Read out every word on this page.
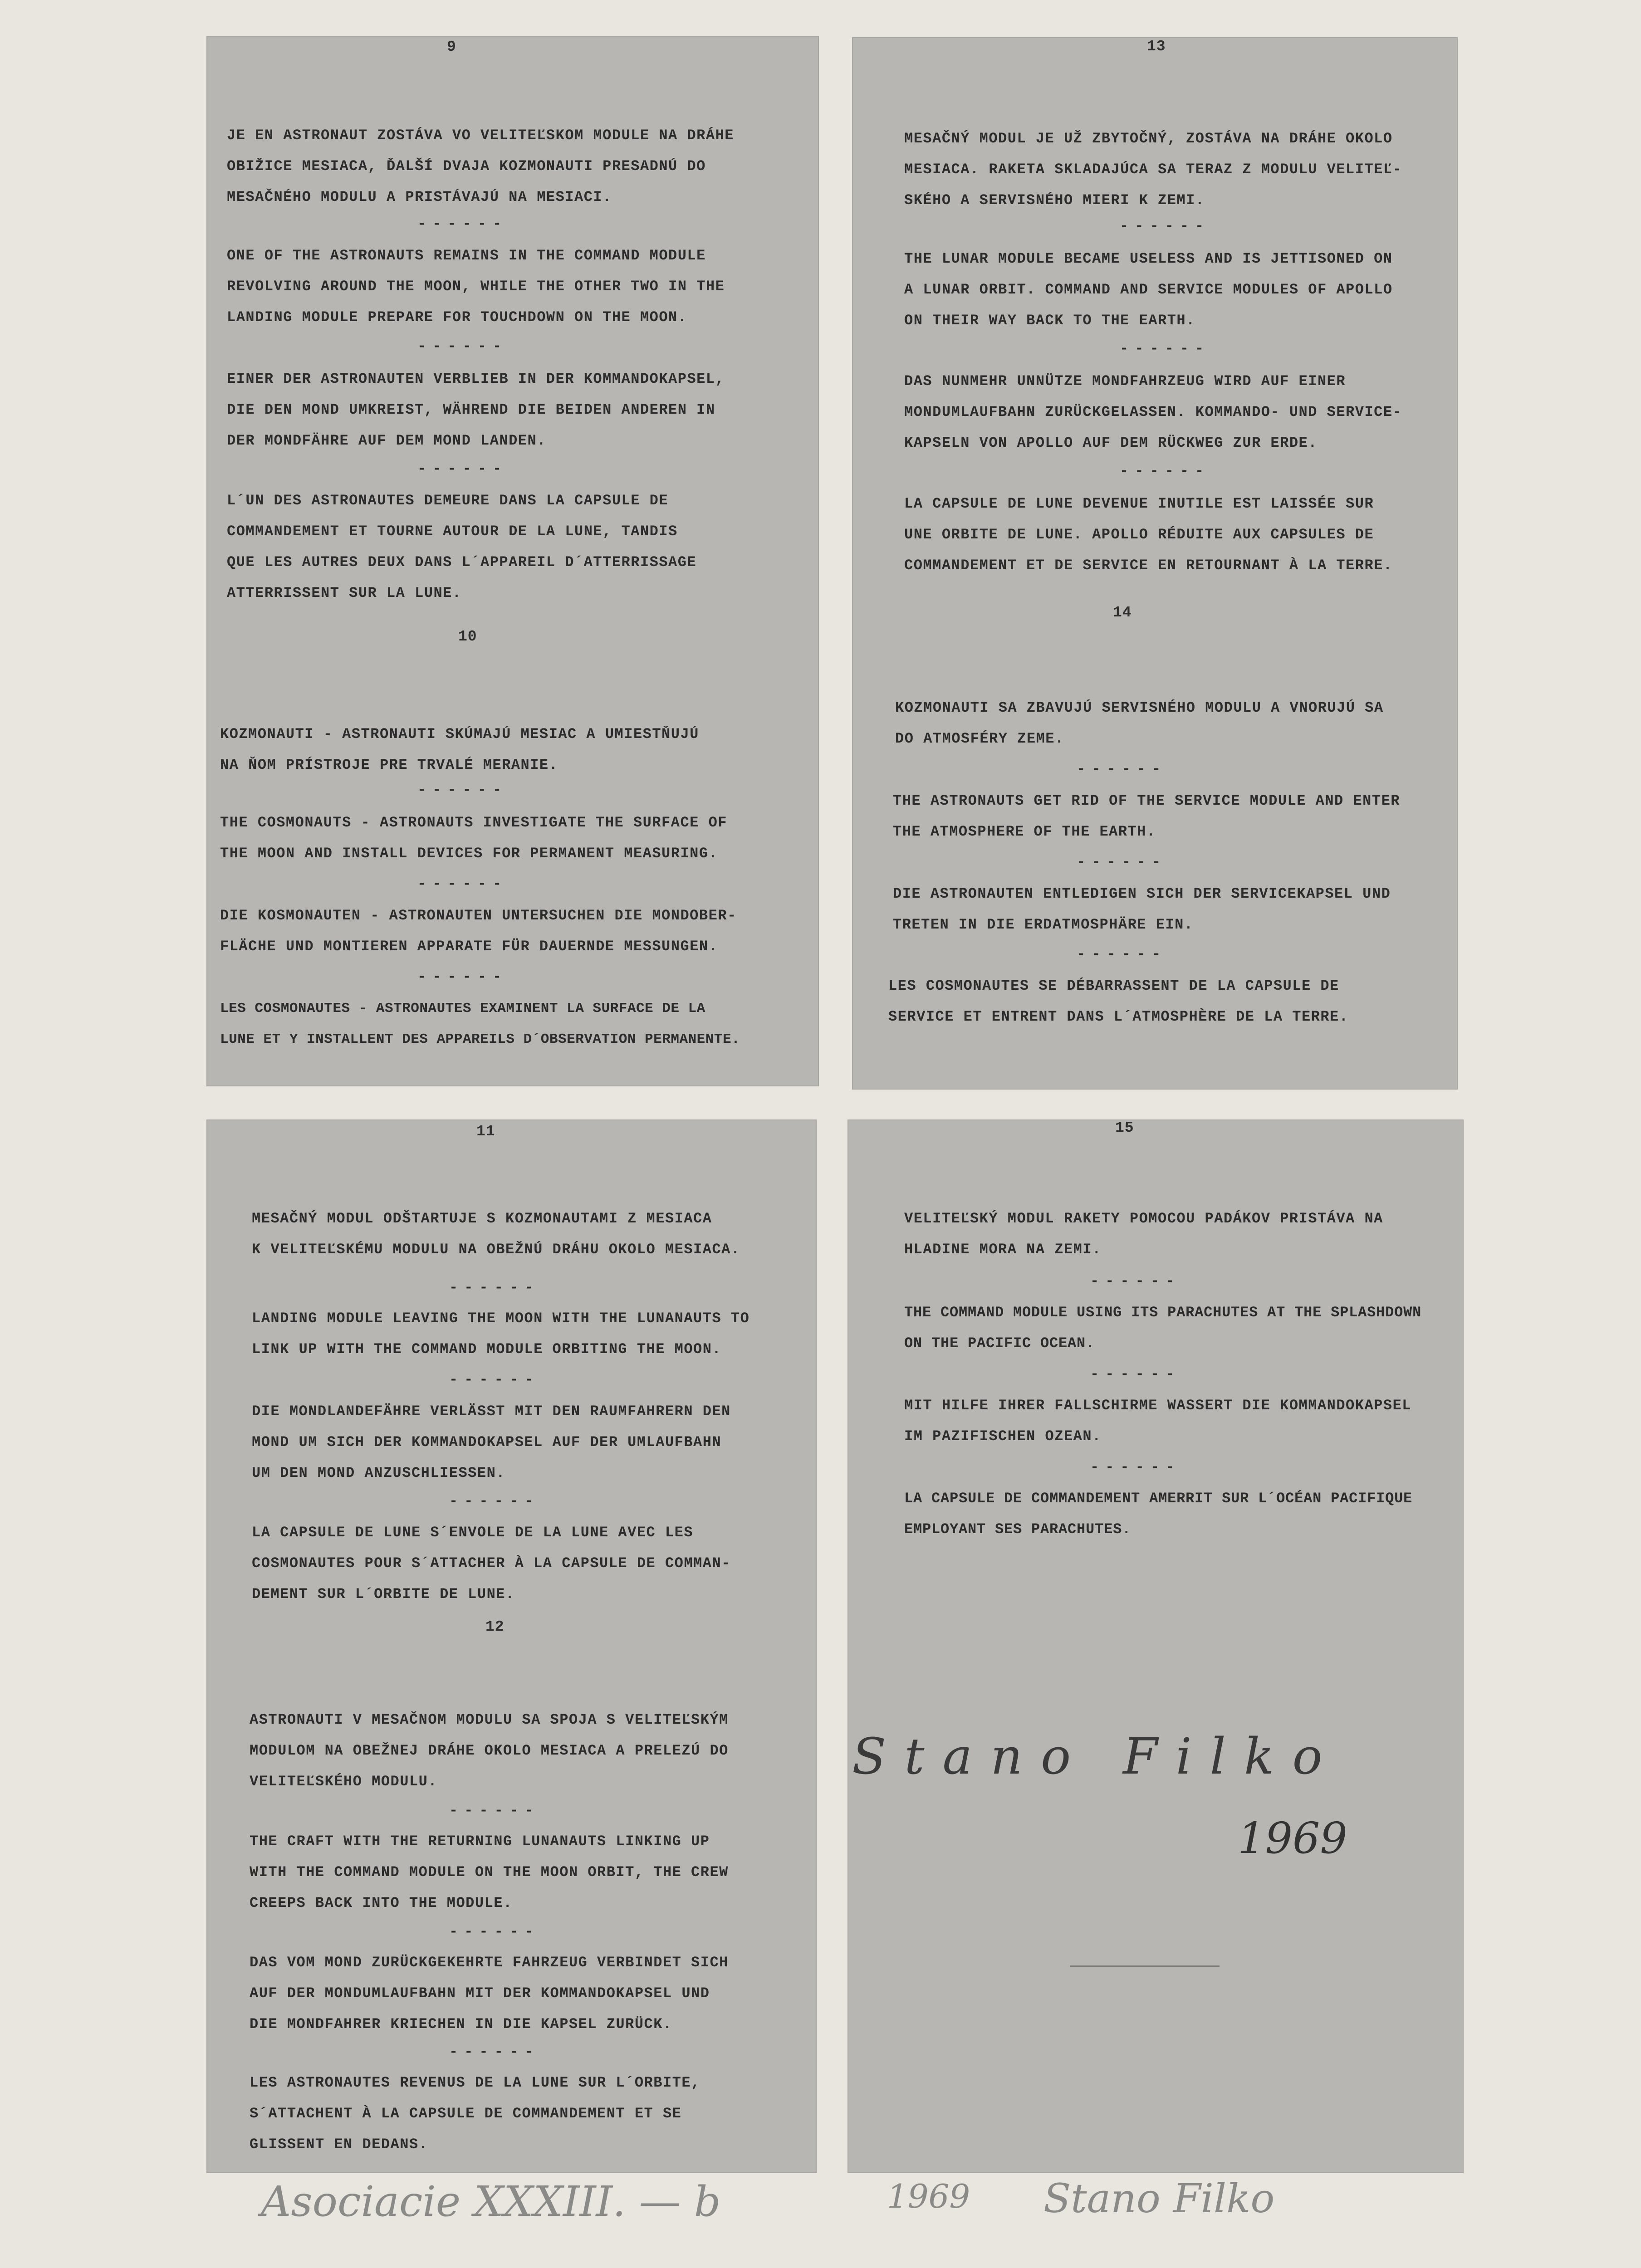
9
JE EN ASTRONAUT ZOSTÁVA VO VELITEĽSKOM MODULE NA DRÁHE
OBIŽICE MESIACA, ĎALŠÍ DVAJA KOZMONAUTI PRESADNÚ DO
MESAČNÉHO MODULU A PRISTÁVAJÚ NA MESIACI.
------
ONE OF THE ASTRONAUTS REMAINS IN THE COMMAND MODULE
REVOLVING AROUND THE MOON, WHILE THE OTHER TWO IN THE
LANDING MODULE PREPARE FOR TOUCHDOWN ON THE MOON.
------
EINER DER ASTRONAUTEN VERBLIEB IN DER KOMMANDOKAPSEL,
DIE DEN MOND UMKREIST, WÄHREND DIE BEIDEN ANDEREN IN
DER MONDFÄHRE AUF DEM MOND LANDEN.
------
L´UN DES ASTRONAUTES DEMEURE DANS LA CAPSULE DE
COMMANDEMENT ET TOURNE AUTOUR DE LA LUNE, TANDIS
QUE LES AUTRES DEUX DANS L´APPAREIL D´ATTERRISSAGE
ATTERRISSENT SUR LA LUNE.
10
KOZMONAUTI - ASTRONAUTI SKÚMAJÚ MESIAC A UMIESTŇUJÚ
NA ŇOM PRÍSTROJE PRE TRVALÉ MERANIE.
------
THE COSMONAUTS - ASTRONAUTS INVESTIGATE THE SURFACE OF
THE MOON AND INSTALL DEVICES FOR PERMANENT MEASURING.
------
DIE KOSMONAUTEN - ASTRONAUTEN UNTERSUCHEN DIE MONDOBER-
FLÄCHE UND MONTIEREN APPARATE FÜR DAUERNDE MESSUNGEN.
------
LES COSMONAUTES - ASTRONAUTES EXAMINENT LA SURFACE DE LA
LUNE ET Y INSTALLENT DES APPAREILS D´OBSERVATION PERMANENTE.
13
MESAČNÝ MODUL JE UŽ ZBYTOČNÝ, ZOSTÁVA NA DRÁHE OKOLO
MESIACA. RAKETA SKLADAJÚCA SA TERAZ Z MODULU VELITEĽ-
SKÉHO A SERVISNÉHO MIERI K ZEMI.
------
THE LUNAR MODULE BECAME USELESS AND IS JETTISONED ON
A LUNAR ORBIT. COMMAND AND SERVICE MODULES OF APOLLO
ON THEIR WAY BACK TO THE EARTH.
------
DAS NUNMEHR UNNÜTZE MONDFAHRZEUG WIRD AUF EINER
MONDUMLAUFBAHN ZURÜCKGELASSEN. KOMMANDO- UND SERVICE-
KAPSELN VON APOLLO AUF DEM RÜCKWEG ZUR ERDE.
------
LA CAPSULE DE LUNE DEVENUE INUTILE EST LAISSÉE SUR
UNE ORBITE DE LUNE. APOLLO RÉDUITE AUX CAPSULES DE
COMMANDEMENT ET DE SERVICE EN RETOURNANT À LA TERRE.
14
KOZMONAUTI SA ZBAVUJÚ SERVISNÉHO MODULU A VNORUJÚ SA
DO ATMOSFÉRY ZEME.
------
THE ASTRONAUTS GET RID OF THE SERVICE MODULE AND ENTER
THE ATMOSPHERE OF THE EARTH.
------
DIE ASTRONAUTEN ENTLEDIGEN SICH DER SERVICEKAPSEL UND
TRETEN IN DIE ERDATMOSPHÄRE EIN.
------
LES COSMONAUTES SE DÉBARRASSENT DE LA CAPSULE DE
SERVICE ET ENTRENT DANS L´ATMOSPHÈRE DE LA TERRE.
11
MESAČNÝ MODUL ODŠTARTUJE S KOZMONAUTAMI Z MESIACA
K VELITEĽSKÉMU MODULU NA OBEŽNÚ DRÁHU OKOLO MESIACA.
------
LANDING MODULE LEAVING THE MOON WITH THE LUNANAUTS TO
LINK UP WITH THE COMMAND MODULE ORBITING THE MOON.
------
DIE MONDLANDEFÄHRE VERLÄSST MIT DEN RAUMFAHRERN DEN
MOND UM SICH DER KOMMANDOKAPSEL AUF DER UMLAUFBAHN
UM DEN MOND ANZUSCHLIESSEN.
------
LA CAPSULE DE LUNE S´ENVOLE DE LA LUNE AVEC LES
COSMONAUTES POUR S´ATTACHER À LA CAPSULE DE COMMAN-
DEMENT SUR L´ORBITE DE LUNE.
12
ASTRONAUTI V MESAČNOM MODULU SA SPOJA S VELITEĽSKÝM
MODULOM NA OBEŽNEJ DRÁHE OKOLO MESIACA A PRELEZÚ DO
VELITEĽSKÉHO MODULU.
------
THE CRAFT WITH THE RETURNING LUNANAUTS LINKING UP
WITH THE COMMAND MODULE ON THE MOON ORBIT, THE CREW
CREEPS BACK INTO THE MODULE.
------
DAS VOM MOND ZURÜCKGEKEHRTE FAHRZEUG VERBINDET SICH
AUF DER MONDUMLAUFBAHN MIT DER KOMMANDOKAPSEL UND
DIE MONDFAHRER KRIECHEN IN DIE KAPSEL ZURÜCK.
------
LES ASTRONAUTES REVENUS DE LA LUNE SUR L´ORBITE,
S´ATTACHENT À LA CAPSULE DE COMMANDEMENT ET SE
GLISSENT EN DEDANS.
15
VELITEĽSKÝ MODUL RAKETY POMOCOU PADÁKOV PRISTÁVA NA
HLADINE MORA NA ZEMI.
------
THE COMMAND MODULE USING ITS PARACHUTES AT THE SPLASHDOWN
ON THE PACIFIC OCEAN.
------
MIT HILFE IHRER FALLSCHIRME WASSERT DIE KOMMANDOKAPSEL
IM PAZIFISCHEN OZEAN.
------
LA CAPSULE DE COMMANDEMENT AMERRIT SUR L´OCÉAN PACIFIQUE
EMPLOYANT SES PARACHUTES.
Stano Filko
1969
Asociacie XXXIII. — b	1969 Stano Filko
